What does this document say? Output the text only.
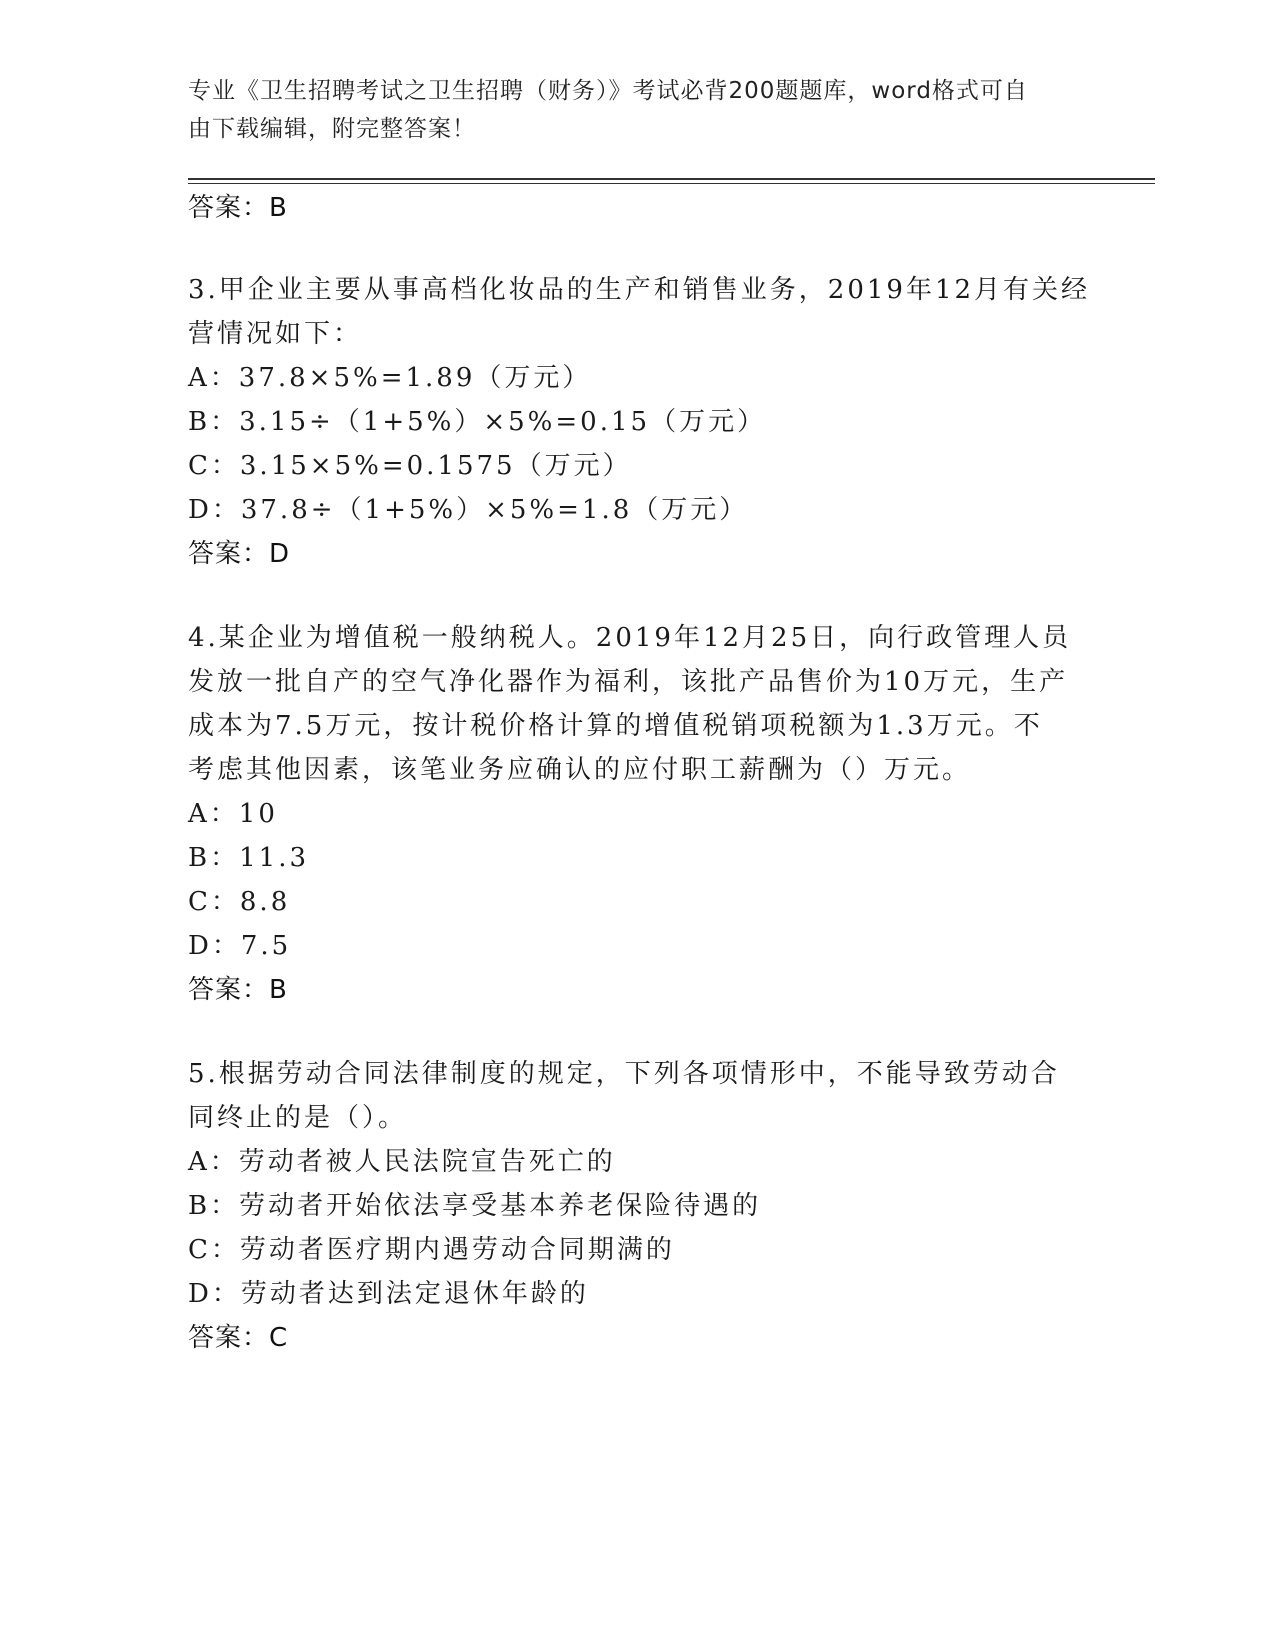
专业《卫生招聘考试之卫生招聘（财务）》考试必背200题题库，word格式可自
由下载编辑，附完整答案！
答案：B
3.甲企业主要从事高档化妆品的生产和销售业务，2019年12月有关经
营情况如下：
A：37.8×5%=1.89（万元）
B：3.15÷（1+5%）×5%=0.15（万元）
C：3.15×5%=0.1575（万元）
D：37.8÷（1+5%）×5%=1.8（万元）
答案：D
4.某企业为增值税一般纳税人。2019年12月25日，向行政管理人员
发放一批自产的空气净化器作为福利，该批产品售价为10万元，生产
成本为7.5万元，按计税价格计算的增值税销项税额为1.3万元。不
考虑其他因素，该笔业务应确认的应付职工薪酬为（）万元。
A：10
B：11.3
C：8.8
D：7.5
答案：B
5.根据劳动合同法律制度的规定，下列各项情形中，不能导致劳动合
同终止的是（）。
A：劳动者被人民法院宣告死亡的
B：劳动者开始依法享受基本养老保险待遇的
C：劳动者医疗期内遇劳动合同期满的
D：劳动者达到法定退休年龄的
答案：C
